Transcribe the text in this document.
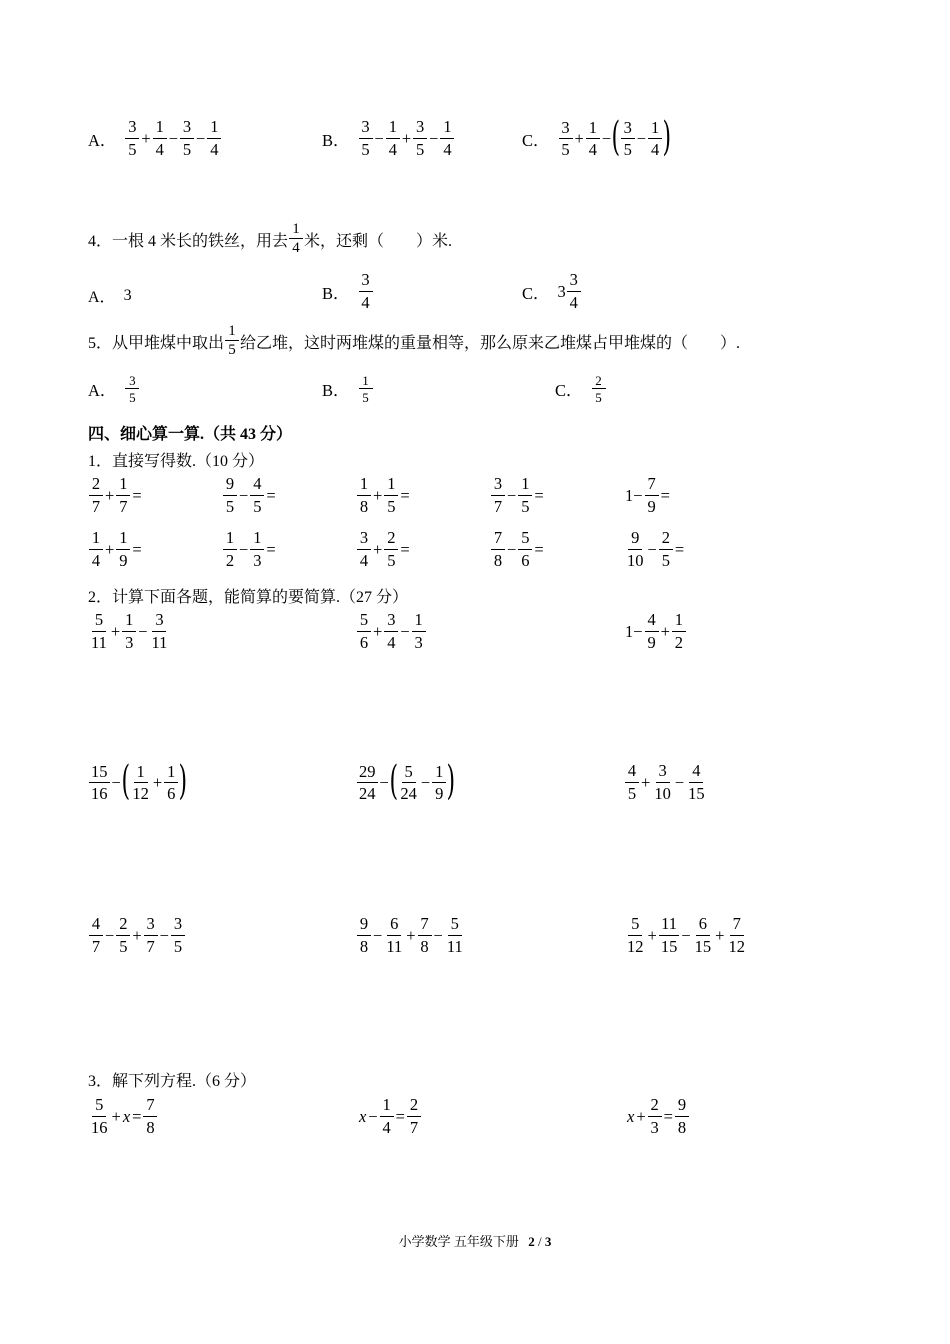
A． $\frac{3}{5} + \frac{1}{4} - \frac{3}{5} - \frac{1}{4}$	B． $\frac{3}{5} - \frac{1}{4} + \frac{3}{5} - \frac{1}{4}$	C． $\frac{3}{5} + \frac{1}{4}$ − ( $\frac{3}{5} - \frac{1}{4}$ )
4．一根 4 米长的铁丝，用去 $\frac{1}{4}$ 米，还剩（　　）米.
A． 3	B． $\frac{3}{4}$	C． $3 \frac{3}{4}$
5．从甲堆煤中取出 $\frac{1}{5}$ 给乙堆，这时两堆煤的重量相等，那么原来乙堆煤占甲堆煤的（　　）.
A． $\frac{3}{5}$	B． $\frac{1}{5}$	C． $\frac{2}{5}$
四、细心算一算.（共 43 分）
1．直接写得数.（10 分）
$\frac{2}{7} + \frac{1}{7}$ =	$\frac{9}{5} - \frac{4}{5}$ =	$\frac{1}{8} + \frac{1}{5}$ =	$\frac{3}{7} - \frac{1}{5}$ =	$1- \frac{7}{9}$ =
$\frac{1}{4} + \frac{1}{9}$ =	$\frac{1}{2} - \frac{1}{3}$ =	$\frac{3}{4} + \frac{2}{5}$ =	$\frac{7}{8} - \frac{5}{6}$ =	$\frac{9}{10} - \frac{2}{5}$ =
2．计算下面各题，能简算的要简算.（27 分）
$\frac{5}{11} + \frac{1}{3} - \frac{3}{11}$	$\frac{5}{6} + \frac{3}{4} - \frac{1}{3}$	$1- \frac{4}{9} + \frac{1}{2}$
$\frac{15}{16}$ − ( $\frac{1}{12} + \frac{1}{6}$ )	$\frac{29}{24}$ − ( $\frac{5}{24} - \frac{1}{9}$ )	$\frac{4}{5} + \frac{3}{10} - \frac{4}{15}$
$\frac{4}{7} - \frac{2}{5} + \frac{3}{7} - \frac{3}{5}$	$\frac{9}{8} - \frac{6}{11} + \frac{7}{8} - \frac{5}{11}$	$\frac{5}{12} + \frac{11}{15} - \frac{6}{15} + \frac{7}{12}$
3．解下列方程.（6 分）
$\frac{5}{16} + x = \frac{7}{8}$	$x - \frac{1}{4} = \frac{2}{7}$	$x + \frac{2}{3} = \frac{9}{8}$
小学数学 五年级下册 2 / 3
